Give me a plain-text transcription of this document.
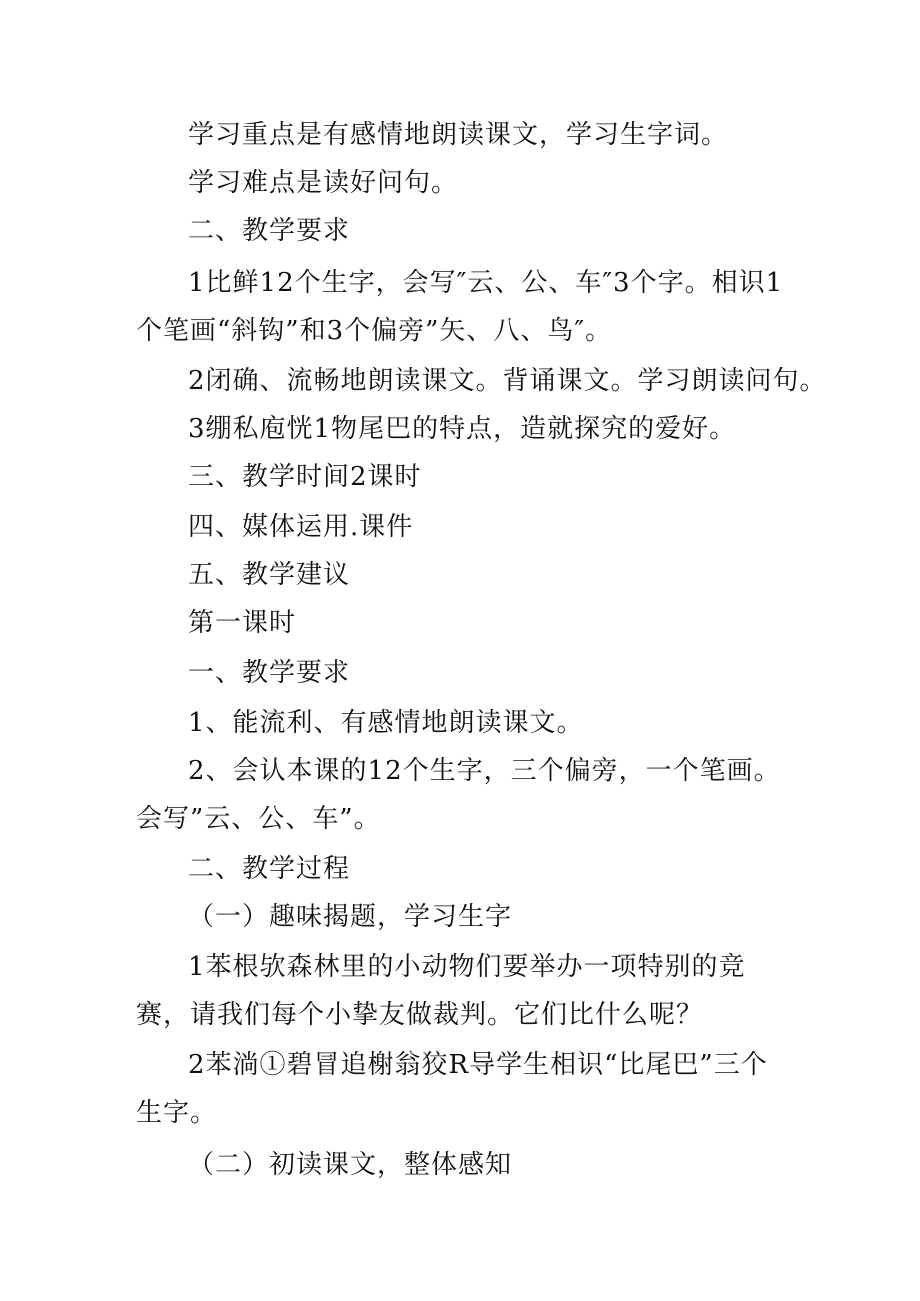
学习重点是有感情地朗读课文，学习生字词。
学习难点是读好问句。
二、教学要求
1比鲜12个生字，会写″云、公、车″3个字。相识1
个笔画“斜钩”和3个偏旁”矢、八、鸟″。
2闭确、流畅地朗读课文。背诵课文。学习朗读问句。
3绷私庖恍1物尾巴的特点，造就探究的爱好。
三、教学时间2课时
四、媒体运用.课件
五、教学建议
第一课时
一、教学要求
1、能流利、有感情地朗读课文。
2、会认本课的12个生字，三个偏旁，一个笔画。
会写”云、公、车”。
二、教学过程
（一）趣味揭题，学习生字
1苯根欤森林里的小动物们要举办一项特别的竞
赛，请我们每个小挚友做裁判。它们比什么呢？
2苯淌①碧冒追榭翁狡R导学生相识“比尾巴”三个
生字。
（二）初读课文，整体感知
